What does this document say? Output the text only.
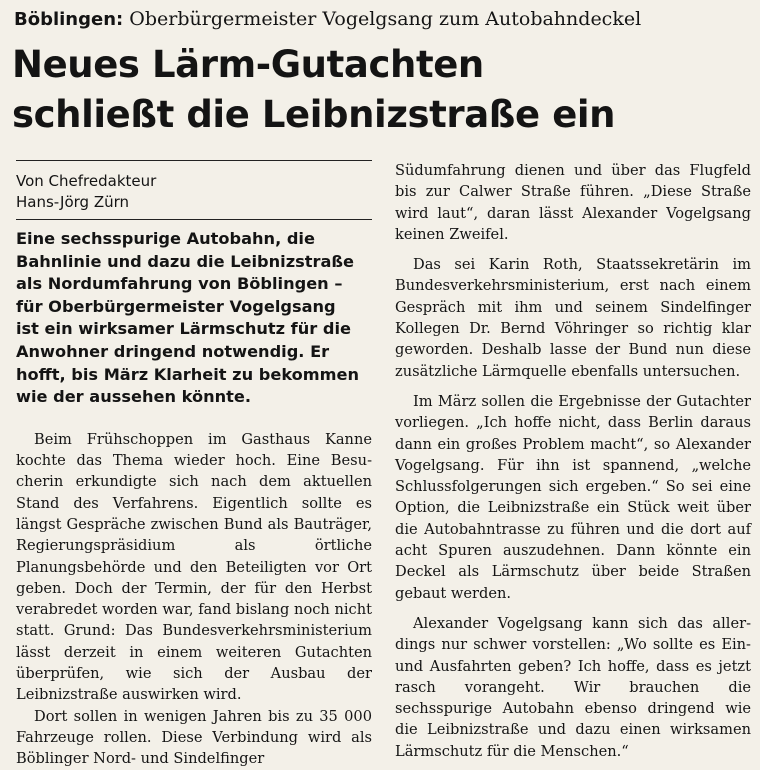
Böblingen: Oberbürgermeister Vogelgsang zum Autobahndeckel
Neues Lärm-Gutachten
schließt die Leibnizstraße ein
Von Chefredakteur
Hans-Jörg Zürn
Eine sechsspurige Autobahn, die
Bahnlinie und dazu die Leibnizstraße
als Nordumfahrung von Böblingen –
für Oberbürgermeister Vogelgsang
ist ein wirksamer Lärmschutz für die
Anwohner dringend notwendig. Er
hofft, bis März Klarheit zu bekommen
wie der aussehen könnte.

Beim Frühschoppen im Gasthaus Kanne kochte das Thema wieder hoch. Eine Besucherin erkundigte sich nach dem aktuellen Stand des Verfahrens. Eigentlich sollte es längst Gespräche zwischen Bund als Bauträger, Regierungspräsidium als örtliche Planungsbehörde und den Beteiligten vor Ort geben. Doch der Termin, der für den Herbst verabredet worden war, fand bislang noch nicht statt. Grund: Das Bundesverkehrsministerium lässt derzeit in einem weiteren Gutachten überprüfen, wie sich der Ausbau der Leibnizstraße auswirken wird.

Dort sollen in wenigen Jahren bis zu 35 000 Fahrzeuge rollen. Diese Verbindung wird als Böblinger Nord- und Sindelfinger

Südumfahrung dienen und über das Flugfeld bis zur Calwer Straße führen. „Diese Straße wird laut“, daran lässt Alexander Vogelgsang keinen Zweifel.

Das sei Karin Roth, Staatssekretärin im Bundesverkehrsministerium, erst nach einem Gespräch mit ihm und seinem Sindelfinger Kollegen Dr. Bernd Vöhringer so richtig klar geworden. Deshalb lasse der Bund nun diese zusätzliche Lärmquelle ebenfalls untersuchen.

Im März sollen die Ergebnisse der Gutachter vorliegen. „Ich hoffe nicht, dass Berlin daraus dann ein großes Problem macht“, so Alexander Vogelgsang. Für ihn ist spannend, „welche Schlussfolgerungen sich ergeben.“ So sei eine Option, die Leibnizstraße ein Stück weit über die Autobahntrasse zu führen und die dort auf acht Spuren auszudehnen. Dann könnte ein Deckel als Lärmschutz über beide Straßen gebaut werden.

Alexander Vogelgsang kann sich das allerdings nur schwer vorstellen: „Wo sollte es Ein- und Ausfahrten geben? Ich hoffe, dass es jetzt rasch vorangeht. Wir brauchen die sechsspurige Autobahn ebenso dringend wie die Leibnizstraße und dazu einen wirksamen Lärmschutz für die Menschen.“
